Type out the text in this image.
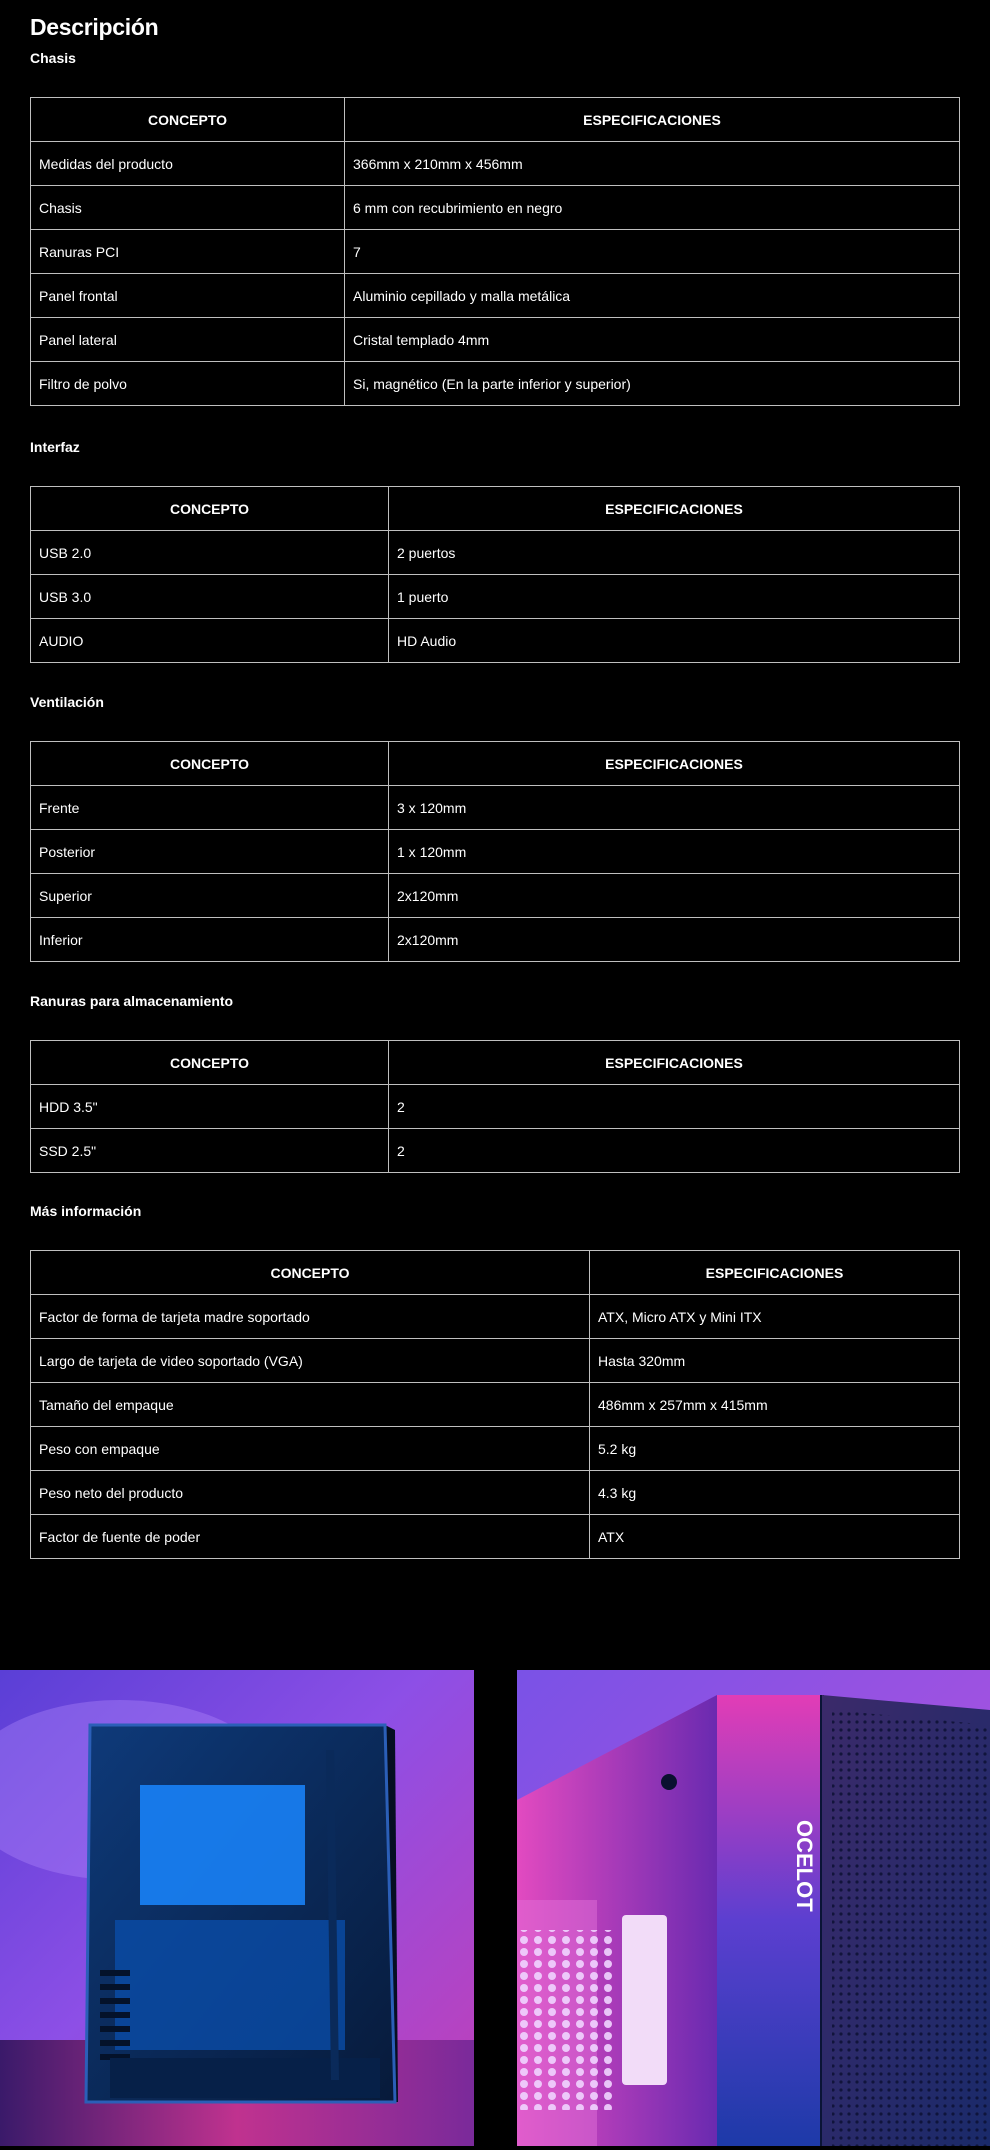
Descripción
Chasis
CONCEPTO	ESPECIFICACIONES
Medidas del producto	366mm x 210mm x 456mm
Chasis	6 mm con recubrimiento en negro
Ranuras PCI	7
Panel frontal	Aluminio cepillado y malla metálica
Panel lateral	Cristal templado 4mm
Filtro de polvo	Si, magnético (En la parte inferior y superior)
Interfaz
CONCEPTO	ESPECIFICACIONES
USB 2.0	2 puertos
USB 3.0	1 puerto
AUDIO	HD Audio
Ventilación
CONCEPTO	ESPECIFICACIONES
Frente	3 x 120mm
Posterior	1 x 120mm
Superior	2x120mm
Inferior	2x120mm
Ranuras para almacenamiento
CONCEPTO	ESPECIFICACIONES
HDD 3.5"	2
SSD 2.5"	2
Más información
CONCEPTO	ESPECIFICACIONES
Factor de forma de tarjeta madre soportado	ATX, Micro ATX y Mini ITX
Largo de tarjeta de video soportado (VGA)	Hasta 320mm
Tamaño del empaque	486mm x 257mm x 415mm
Peso con empaque	5.2 kg
Peso neto del producto	4.3 kg
Factor de fuente de poder	ATX
OCELOT
